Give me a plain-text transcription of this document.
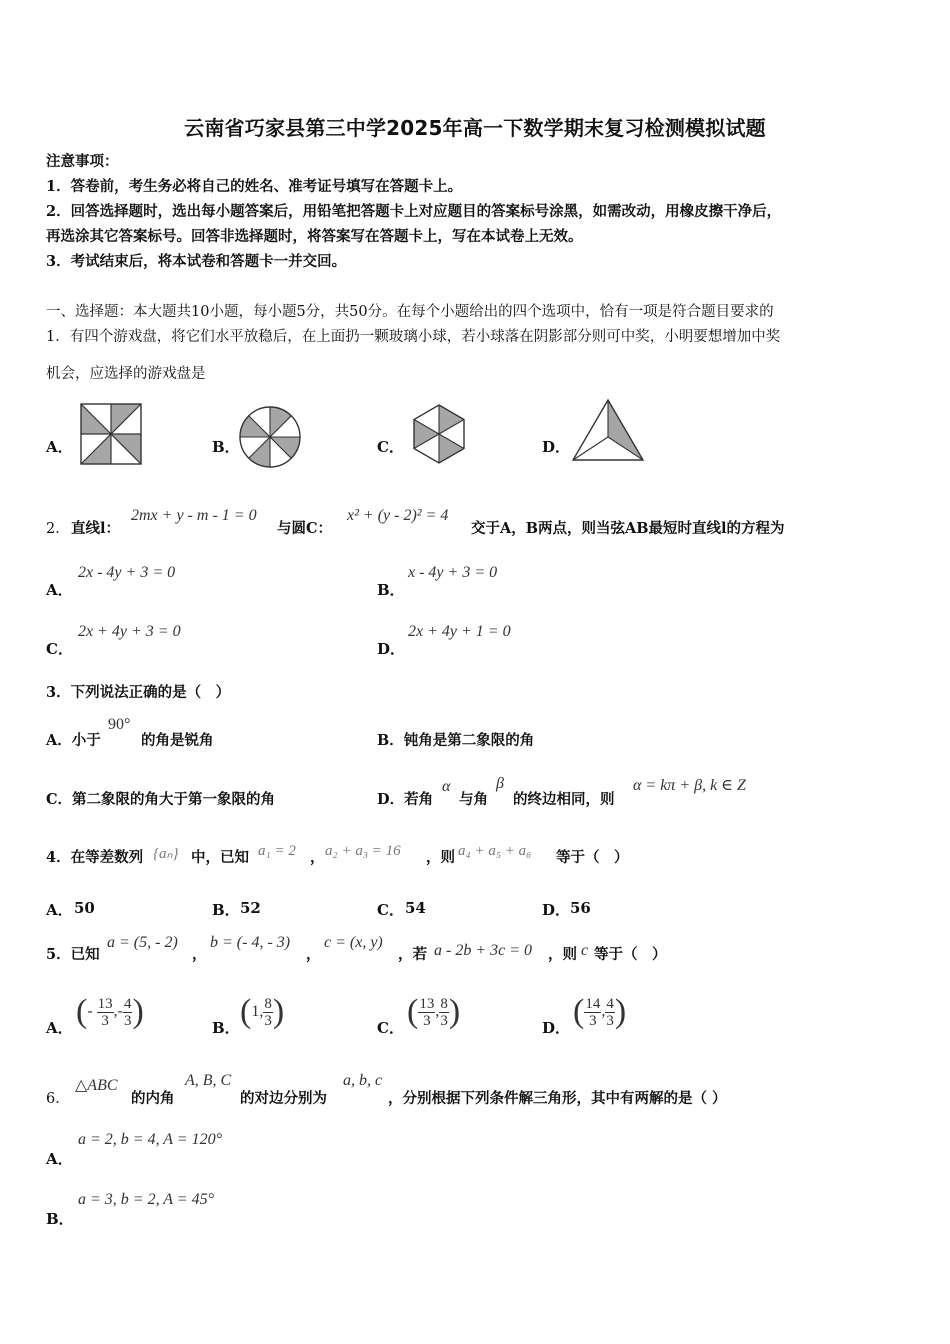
云南省巧家县第三中学2025年高一下数学期末复习检测模拟试题
注意事项：
1．答卷前，考生务必将自己的姓名、准考证号填写在答题卡上。
2．回答选择题时，选出每小题答案后，用铅笔把答题卡上对应题目的答案标号涂黑，如需改动，用橡皮擦干净后，
再选涂其它答案标号。回答非选择题时，将答案写在答题卡上，写在本试卷上无效。
3．考试结束后，将本试卷和答题卡一并交回。
一、选择题：本大题共10小题，每小题5分，共50分。在每个小题给出的四个选项中，恰有一项是符合题目要求的
1．有四个游戏盘，将它们水平放稳后，在上面扔一颗玻璃小球，若小球落在阴影部分则可中奖，小明要想增加中奖
机会，应选择的游戏盘是
A．	B．	C．	D．
2． 直线l：
2mx + y - m - 1 = 0
与圆C：
x² + (y - 2)² = 4
交于A，B两点，则当弦AB最短时直线l的方程为
A．
2x - 4y + 3 = 0
B．
x - 4y + 3 = 0
C．
2x + 4y + 3 = 0
D．
2x + 4y + 1 = 0
3．下列说法正确的是（　）
A．小于
90°
的角是锐角	B．钝角是第二象限的角
C．第二象限的角大于第一象限的角	D．若角
α
与角
β
的终边相同，则
α = kπ + β, k ∈ Z
4．在等差数列 {aₙ} 中，已知 a₁ = 2 ， a₂ + a₃ = 16 ，则 a₄ + a₅ + a₆ 等于（　）
A． 50	B． 52	C． 54	D． 56
5．已知
a = (5, - 2)
，
b = (- 4, - 3)
，
c = (x, y)
，若 a - 2b + 3c = 0 ，则 c 等于（　）
A． (- $\frac{13}{3}$ ,- $\frac{4}{3}$ )	B． (1, $\frac{8}{3}$ )	C． ( $\frac{13}{3}$ , $\frac{8}{3}$ )	D． ( $\frac{14}{3}$ , $\frac{4}{3}$ )
6．
△ABC
的内角
A, B, C
的对边分别为
a, b, c
，分别根据下列条件解三角形，其中有两解的是（ ）
A．
a = 2, b = 4, A = 120°
B．
a = 3, b = 2, A = 45°
